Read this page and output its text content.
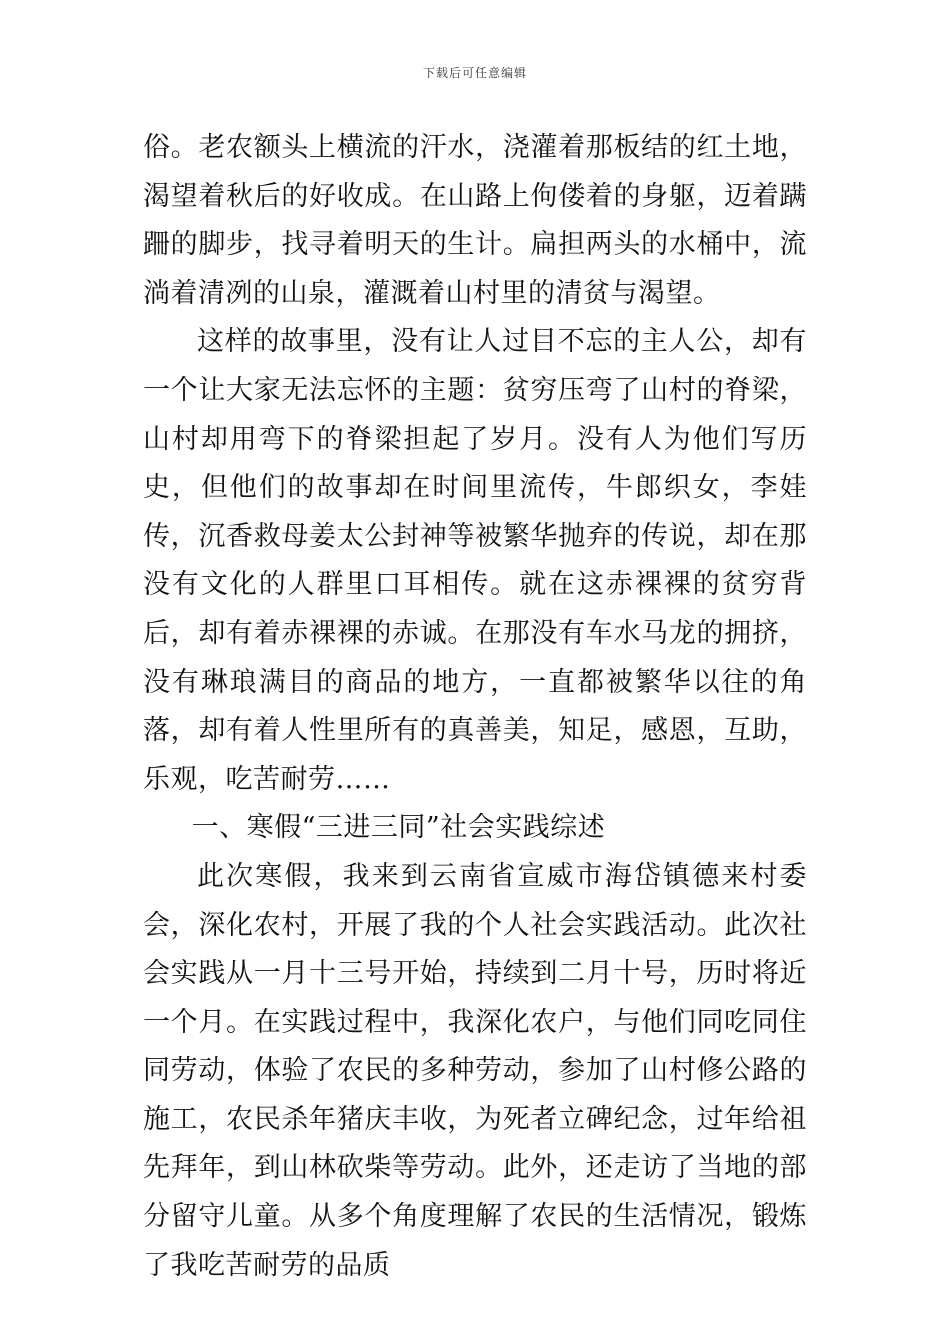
下载后可任意编辑

俗。老农额头上横流的汗水，浇灌着那板结的红土地，渴望着秋后的好收成。在山路上佝偻着的身躯，迈着蹒跚的脚步，找寻着明天的生计。扁担两头的水桶中，流淌着清冽的山泉，灌溉着山村里的清贫与渴望。

这样的故事里，没有让人过目不忘的主人公，却有一个让大家无法忘怀的主题：贫穷压弯了山村的脊梁，山村却用弯下的脊梁担起了岁月。没有人为他们写历史，但他们的故事却在时间里流传，牛郎织女，李娃传，沉香救母姜太公封神等被繁华抛弃的传说，却在那没有文化的人群里口耳相传。就在这赤裸裸的贫穷背后，却有着赤裸裸的赤诚。在那没有车水马龙的拥挤，没有琳琅满目的商品的地方，一直都被繁华以往的角落，却有着人性里所有的真善美，知足，感恩，互助，乐观，吃苦耐劳……

一、寒假“三进三同”社会实践综述

此次寒假，我来到云南省宣威市海岱镇德来村委会，深化农村，开展了我的个人社会实践活动。此次社会实践从一月十三号开始，持续到二月十号，历时将近一个月。在实践过程中，我深化农户，与他们同吃同住同劳动，体验了农民的多种劳动，参加了山村修公路的施工，农民杀年猪庆丰收，为死者立碑纪念，过年给祖先拜年，到山林砍柴等劳动。此外，还走访了当地的部分留守儿童。从多个角度理解了农民的生活情况，锻炼了我吃苦耐劳的品质
